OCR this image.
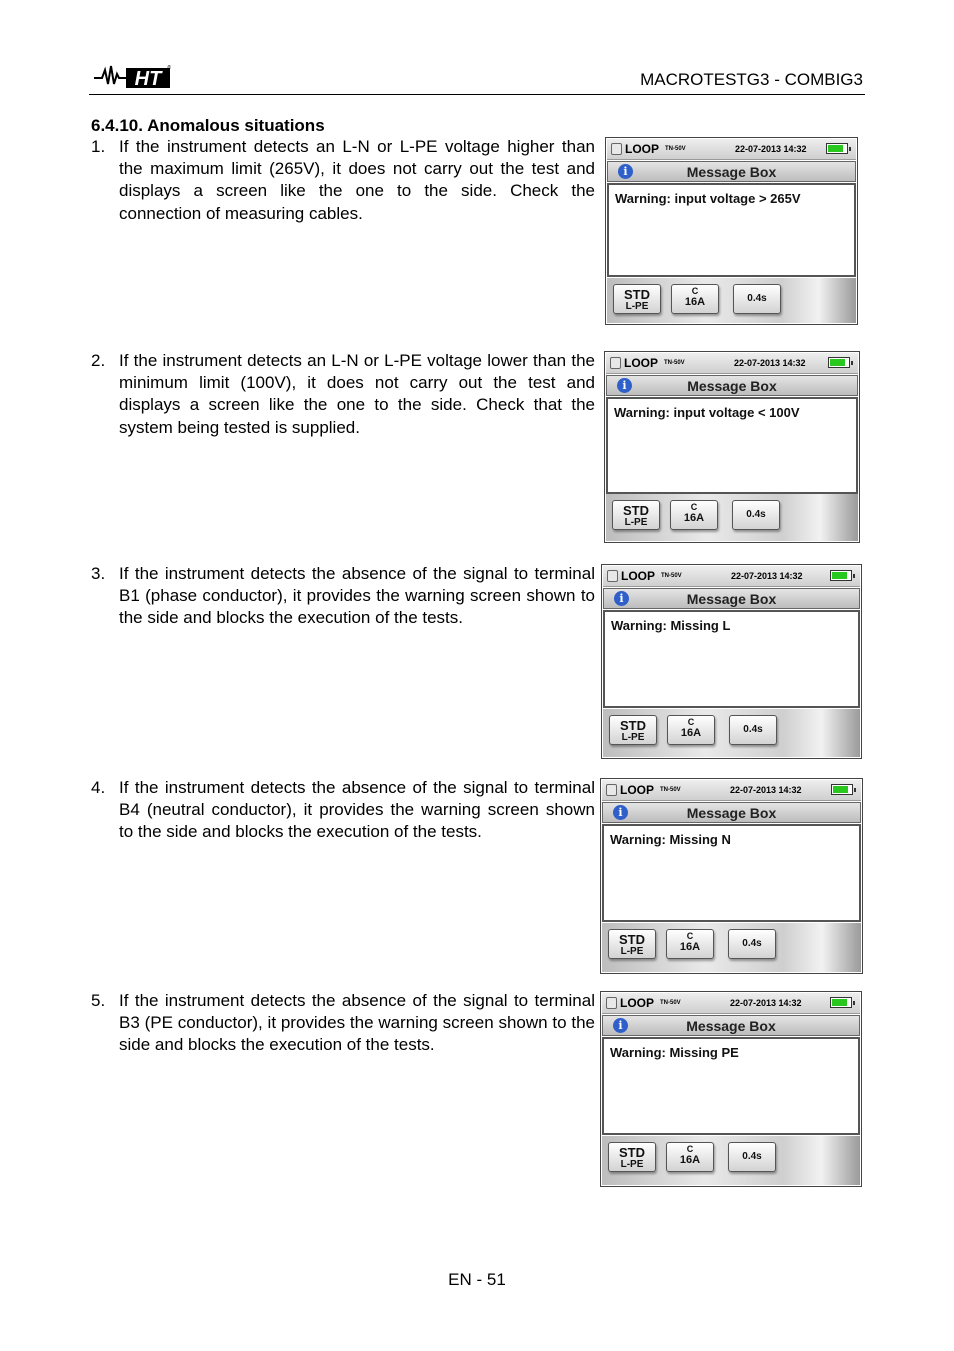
HT	®
MACROTESTG3 - COMBIG3
6.4.10. Anomalous situations
1. If the instrument detects an L-N or L-PE voltage higher than the maximum limit (265V), it does not carry out the test and displays a screen like the one to the side. Check the connection of measuring cables.
LOOP TN-50V	22-07-2013 14:32
i	Message Box
Warning: input voltage > 265V
STD
L-PE
C
16A	0.4s
2. If the instrument detects an L-N or L-PE voltage lower than the minimum limit (100V), it does not carry out the test and displays a screen like the one to the side. Check that the system being tested is supplied.
LOOP TN-50V	22-07-2013 14:32
i	Message Box
Warning: input voltage < 100V
STD
L-PE
C
16A	0.4s
3. If the instrument detects the absence of the signal to terminal B1 (phase conductor), it provides the warning screen shown to the side and blocks the execution of the tests.
LOOP TN-50V	22-07-2013 14:32
i	Message Box
Warning: Missing L
STD
L-PE
C
16A	0.4s
4. If the instrument detects the absence of the signal to terminal B4 (neutral conductor), it provides the warning screen shown to the side and blocks the execution of the tests.
LOOP TN-50V	22-07-2013 14:32
i	Message Box
Warning: Missing N
STD
L-PE
C
16A	0.4s
5. If the instrument detects the absence of the signal to terminal B3 (PE conductor), it provides the warning screen shown to the side and blocks the execution of the tests.
LOOP TN-50V	22-07-2013 14:32
i	Message Box
Warning: Missing PE
STD
L-PE
C
16A	0.4s
EN - 51
